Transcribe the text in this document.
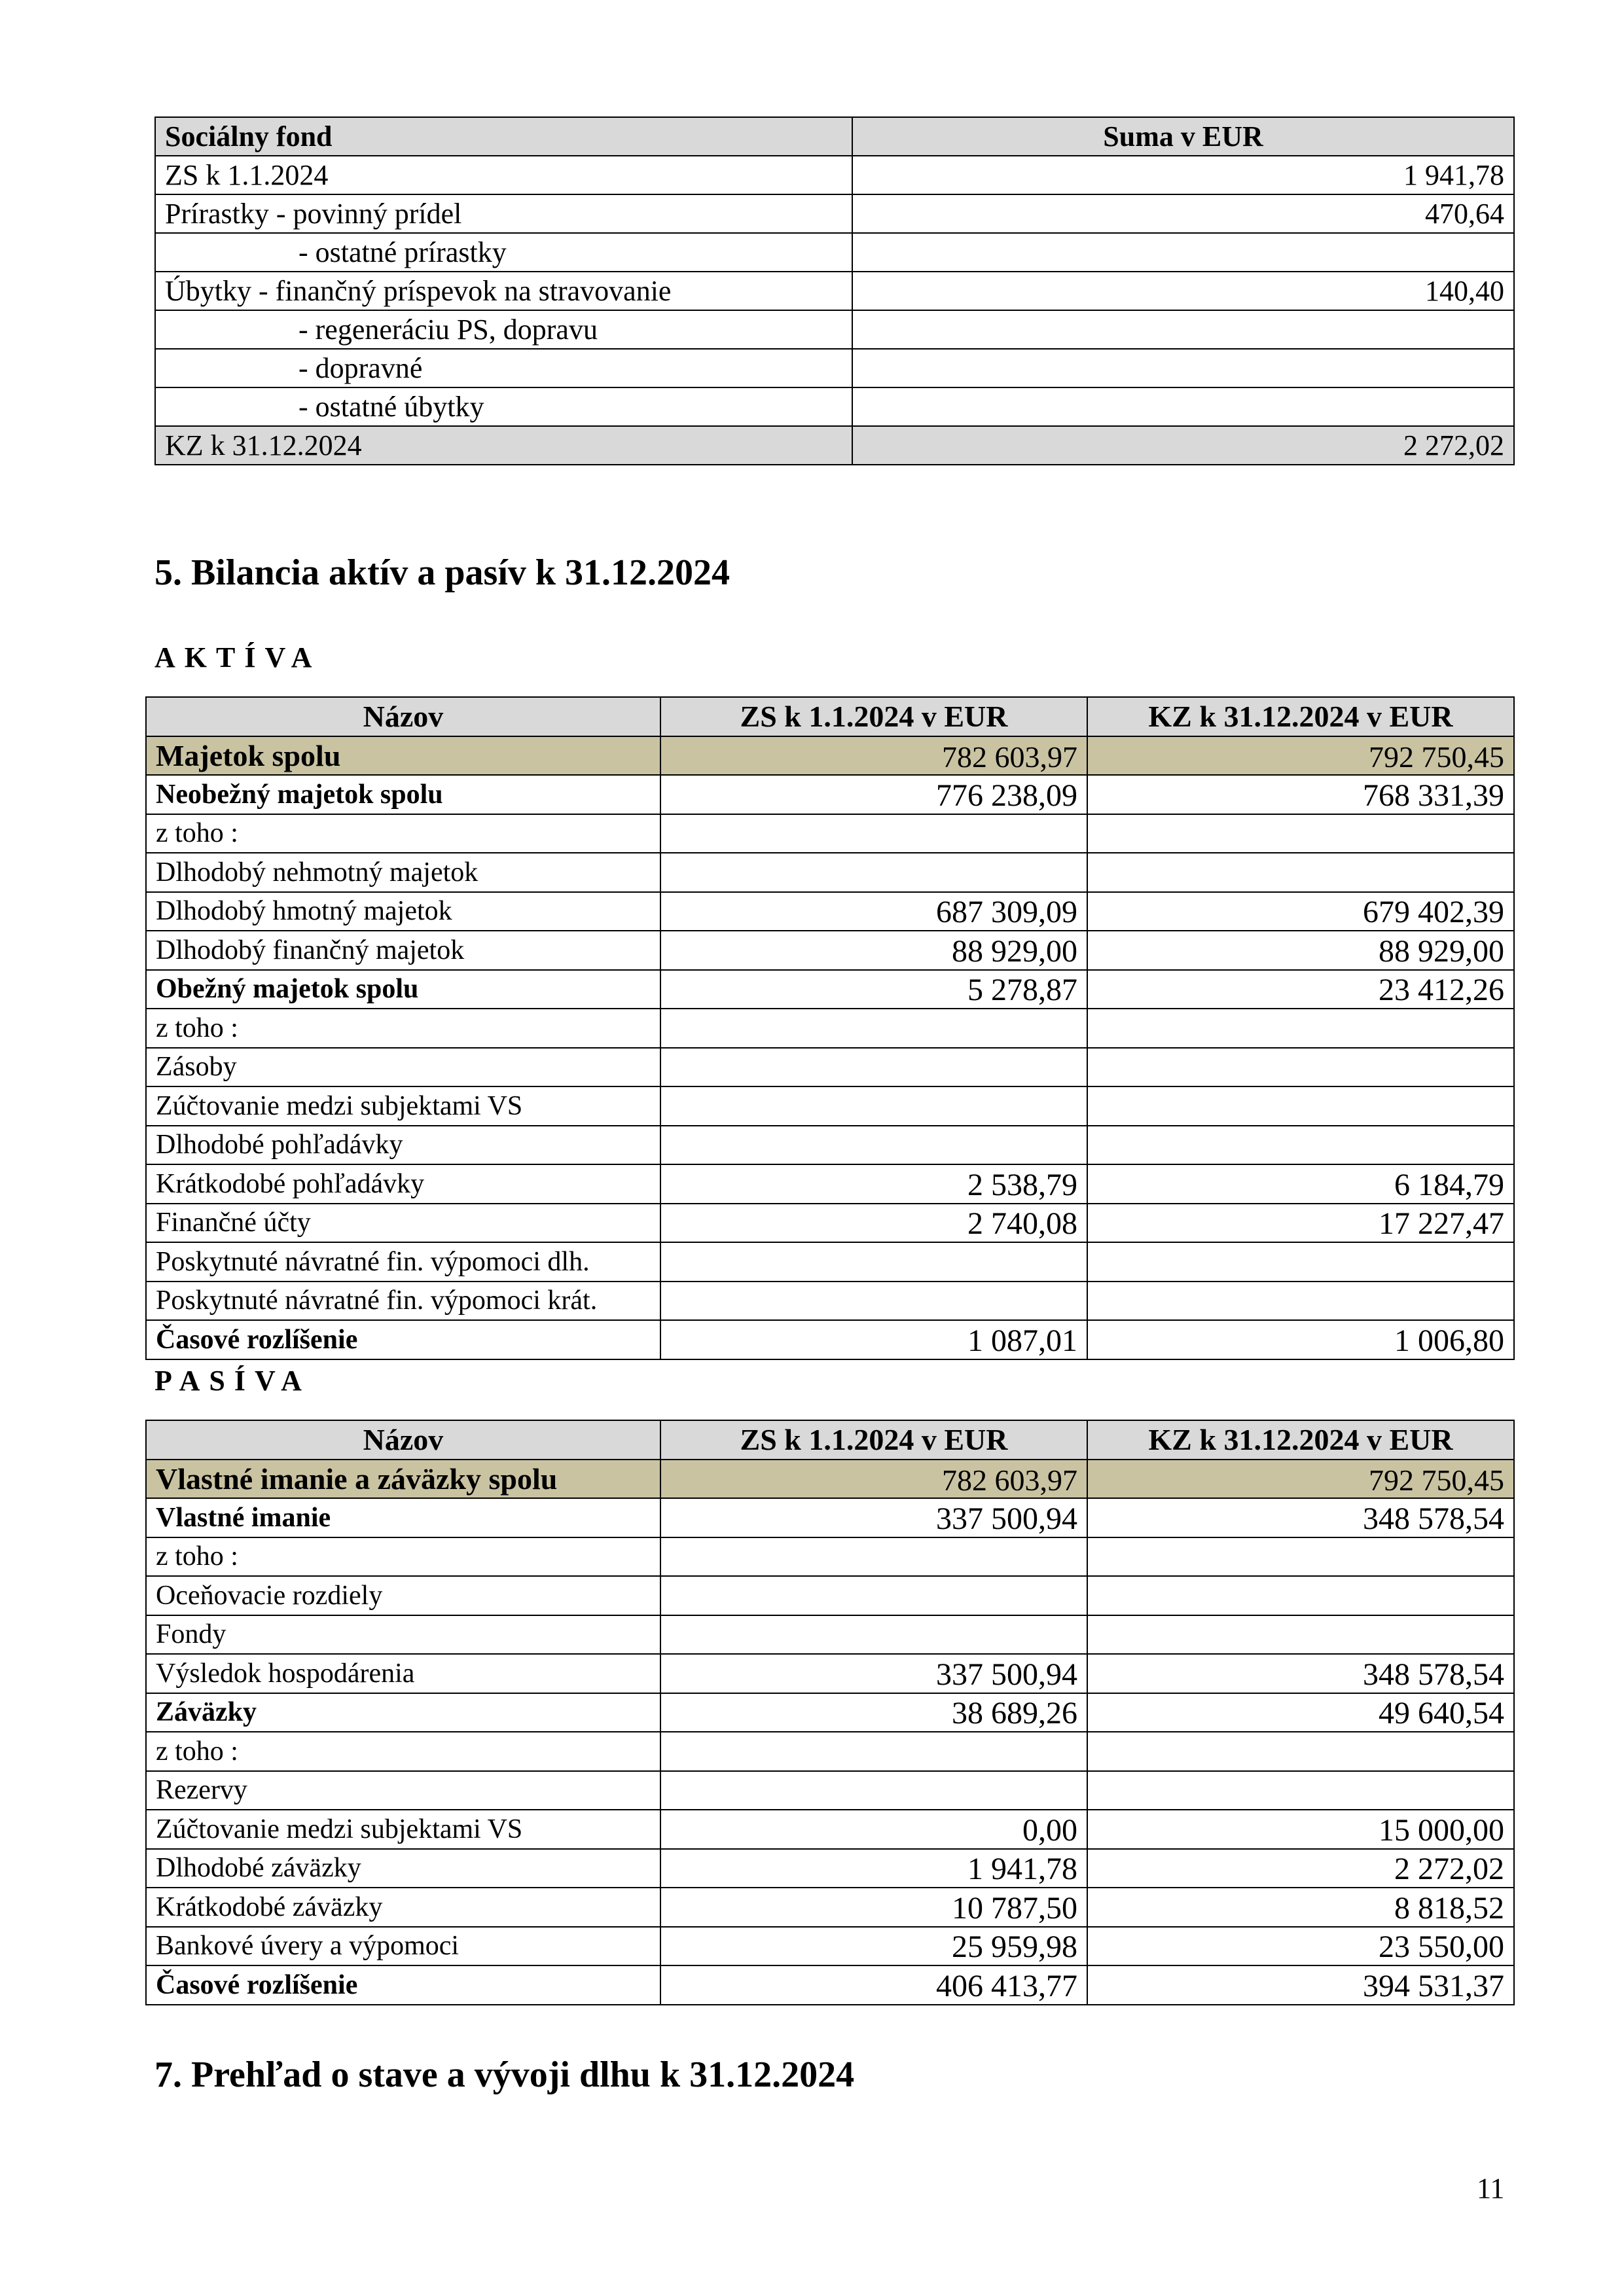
Sociálny fond	Suma v EUR
ZS k 1.1.2024	1 941,78
Prírastky - povinný prídel	470,64
- ostatné prírastky	
Úbytky - finančný príspevok na stravovanie	140,40
- regeneráciu PS, dopravu	
- dopravné	
- ostatné úbytky	
KZ k 31.12.2024	2 272,02
5. Bilancia aktív a pasív k 31.12.2024
AKTÍVA
Názov	ZS k 1.1.2024 v EUR	KZ k 31.12.2024 v EUR
Majetok spolu	782 603,97	792 750,45
Neobežný majetok spolu	776 238,09	768 331,39
z toho :		
Dlhodobý nehmotný majetok		
Dlhodobý hmotný majetok	687 309,09	679 402,39
Dlhodobý finančný majetok	88 929,00	88 929,00
Obežný majetok spolu	5 278,87	23 412,26
z toho :		
Zásoby		
Zúčtovanie medzi subjektami VS		
Dlhodobé pohľadávky		
Krátkodobé pohľadávky	2 538,79	6 184,79
Finančné účty	2 740,08	17 227,47
Poskytnuté návratné fin. výpomoci dlh.		
Poskytnuté návratné fin. výpomoci krát.		
Časové rozlíšenie	1 087,01	1 006,80
PASÍVA
Názov	ZS k 1.1.2024 v EUR	KZ k 31.12.2024 v EUR
Vlastné imanie a záväzky spolu	782 603,97	792 750,45
Vlastné imanie	337 500,94	348 578,54
z toho :		
Oceňovacie rozdiely		
Fondy		
Výsledok hospodárenia	337 500,94	348 578,54
Záväzky	38 689,26	49 640,54
z toho :		
Rezervy		
Zúčtovanie medzi subjektami VS	0,00	15 000,00
Dlhodobé záväzky	1 941,78	2 272,02
Krátkodobé záväzky	10 787,50	8 818,52
Bankové úvery a výpomoci	25 959,98	23 550,00
Časové rozlíšenie	406 413,77	394 531,37
7. Prehľad o stave a vývoji dlhu k 31.12.2024
11
